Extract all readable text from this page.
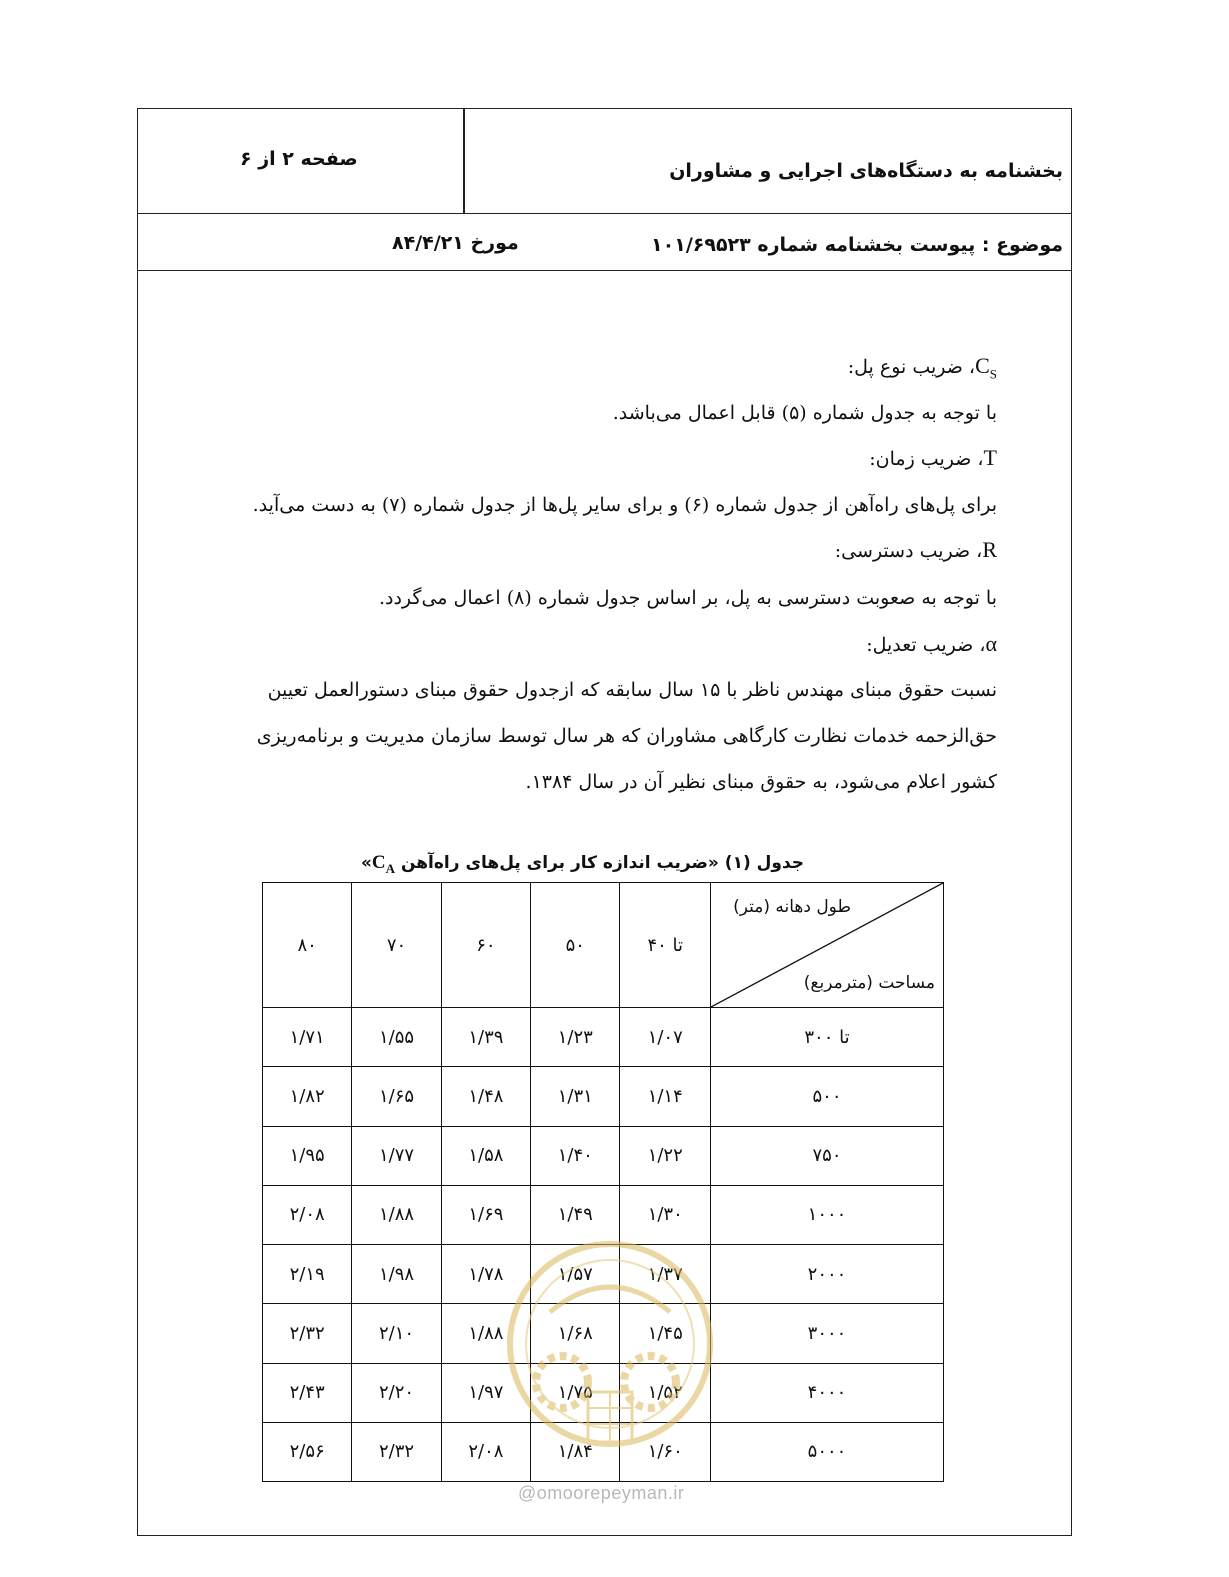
صفحه ۲ از ۶
بخشنامه به دستگاه‌های اجرایی و مشاوران
موضوع : پیوست بخشنامه شماره ۱۰۱/۶۹۵۲۳
مورخ ۸۴/۴/۲۱
$C_S،$ ضریب نوع پل:
با توجه به جدول شماره (۵) قابل اعمال می‌باشد.
T، ضریب زمان:
برای پل‌های راه‌آهن از جدول شماره (۶) و برای سایر پل‌ها از جدول شماره (۷) به دست می‌آید.
R، ضریب دسترسی:
با توجه به صعوبت دسترسی به پل، بر اساس جدول شماره (۸) اعمال می‌گردد.
α، ضریب تعدیل:
نسبت حقوق مبنای مهندس ناظر با ۱۵ سال سابقه که ازجدول حقوق مبنای دستورالعمل تعیین
حق‌الزحمه خدمات نظارت کارگاهی مشاوران که هر سال توسط سازمان مدیریت و برنامه‌ریزی
کشور اعلام می‌شود، به حقوق مبنای نظیر آن در سال ۱۳۸۴.
جدول (۱) «ضریب اندازه کار برای پل‌های راه‌آهن $C_A$»
طول دهانه (متر)
مساحت (مترمربع)	تا ۴۰	۵۰	۶۰	۷۰	۸۰
تا ۳۰۰	۱/۰۷	۱/۲۳	۱/۳۹	۱/۵۵	۱/۷۱
۵۰۰	۱/۱۴	۱/۳۱	۱/۴۸	۱/۶۵	۱/۸۲
۷۵۰	۱/۲۲	۱/۴۰	۱/۵۸	۱/۷۷	۱/۹۵
۱۰۰۰	۱/۳۰	۱/۴۹	۱/۶۹	۱/۸۸	۲/۰۸
۲۰۰۰	۱/۳۷	۱/۵۷	۱/۷۸	۱/۹۸	۲/۱۹
۳۰۰۰	۱/۴۵	۱/۶۸	۱/۸۸	۲/۱۰	۲/۳۲
۴۰۰۰	۱/۵۲	۱/۷۵	۱/۹۷	۲/۲۰	۲/۴۳
۵۰۰۰	۱/۶۰	۱/۸۴	۲/۰۸	۲/۳۲	۲/۵۶
@omoorepeyman.ir
